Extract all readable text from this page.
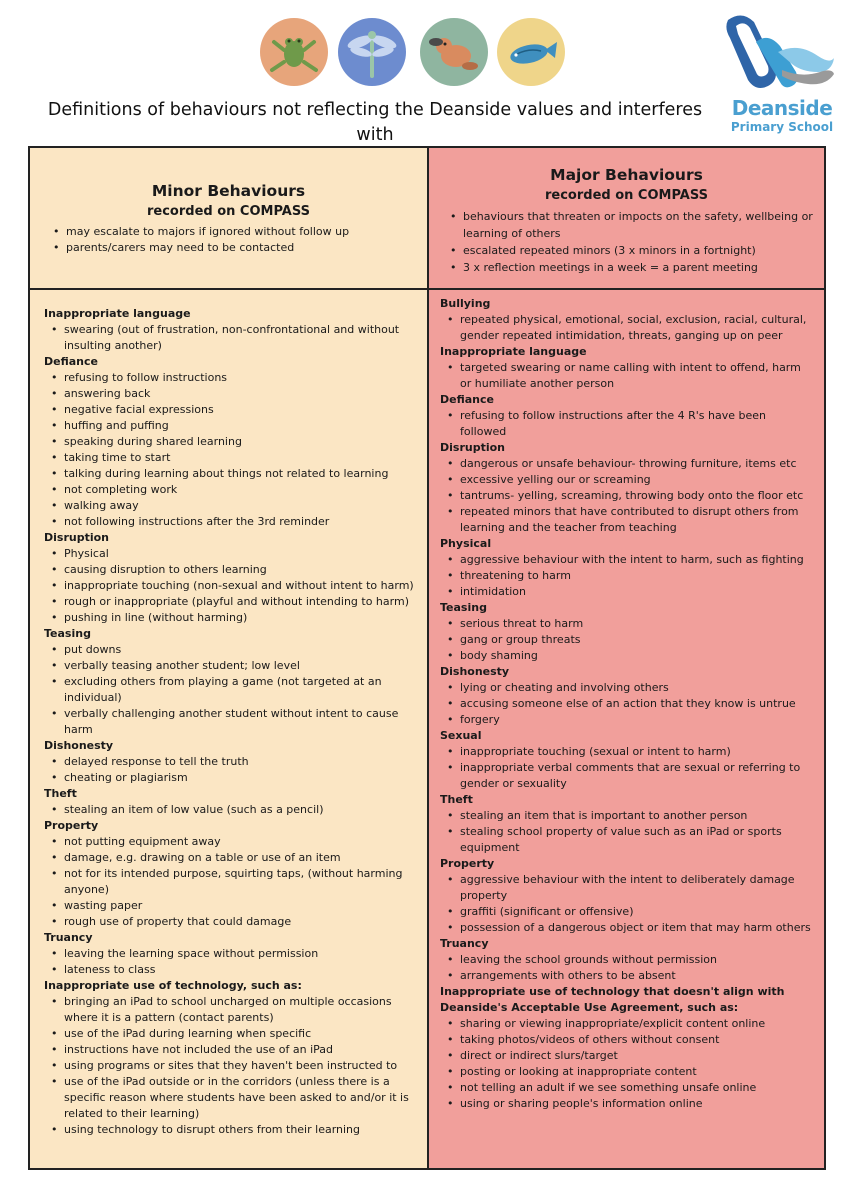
Deanside
Primary School
Definitions of behaviours not reflecting the Deanside values and interferes with
Minor Behaviours
recorded on COMPASS
• may escalate to majors if ignored without follow up
• parents/carers may need to be contacted
Major Behaviours
recorded on COMPASS
• behaviours that threaten or impocts on the safety, wellbeing or learning of others
• escalated repeated minors (3 x minors in a fortnight)
• 3 x reflection meetings in a week = a parent meeting
Inappropriate language
• swearing (out of frustration, non-confrontational and without insulting another)
Defiance
• refusing to follow instructions
• answering back
• negative facial expressions
• huffing and puffing
• speaking during shared learning
• taking time to start
• talking during learning about things not related to learning
• not completing work
• walking away
• not following instructions after the 3rd reminder
Disruption
• Physical
• causing disruption to others learning
• inappropriate touching (non-sexual and without intent to harm)
• rough or inappropriate (playful and without intending to harm)
• pushing in line (without harming)
Teasing
• put downs
• verbally teasing another student; low level
• excluding others from playing a game (not targeted at an individual)
• verbally challenging another student without intent to cause harm
Dishonesty
• delayed response to tell the truth
• cheating or plagiarism
Theft
• stealing an item of low value (such as a pencil)
Property
• not putting equipment away
• damage, e.g. drawing on a table or use of an item
• not for its intended purpose, squirting taps, (without harming anyone)
• wasting paper
• rough use of property that could damage
Truancy
• leaving the learning space without permission
• lateness to class
Inappropriate use of technology, such as:
• bringing an iPad to school uncharged on multiple occasions where it is a pattern (contact parents)
• use of the iPad during learning when specific
• instructions have not included the use of an iPad
• using programs or sites that they haven't been instructed to
• use of the iPad outside or in the corridors (unless there is a specific reason where students have been asked to and/or it is related to their learning)
• using technology to disrupt others from their learning
Bullying
• repeated physical, emotional, social, exclusion, racial, cultural, gender repeated intimidation, threats, ganging up on peer
Inappropriate language
• targeted swearing or name calling with intent to offend, harm or humiliate another person
Defiance
• refusing to follow instructions after the 4 R's have been followed
Disruption
• dangerous or unsafe behaviour- throwing furniture, items etc
• excessive yelling our or screaming
• tantrums- yelling, screaming, throwing body onto the floor etc
• repeated minors that have contributed to disrupt others from learning and the teacher from teaching
Physical
• aggressive behaviour with the intent to harm, such as fighting
• threatening to harm
• intimidation
Teasing
• serious threat to harm
• gang or group threats
• body shaming
Dishonesty
• lying or cheating and involving others
• accusing someone else of an action that they know is untrue
• forgery
Sexual
• inappropriate touching (sexual or intent to harm)
• inappropriate verbal comments that are sexual or referring to gender or sexuality
Theft
• stealing an item that is important to another person
• stealing school property of value such as an iPad or sports equipment
Property
• aggressive behaviour with the intent to deliberately damage property
• graffiti (significant or offensive)
• possession of a dangerous object or item that may harm others
Truancy
• leaving the school grounds without permission
• arrangements with others to be absent
Inappropriate use of technology that doesn't align with Deanside's Acceptable Use Agreement, such as:
• sharing or viewing inappropriate/explicit content online
• taking photos/videos of others without consent
• direct or indirect slurs/target
• posting or looking at inappropriate content
• not telling an adult if we see something unsafe online
• using or sharing people's information online
